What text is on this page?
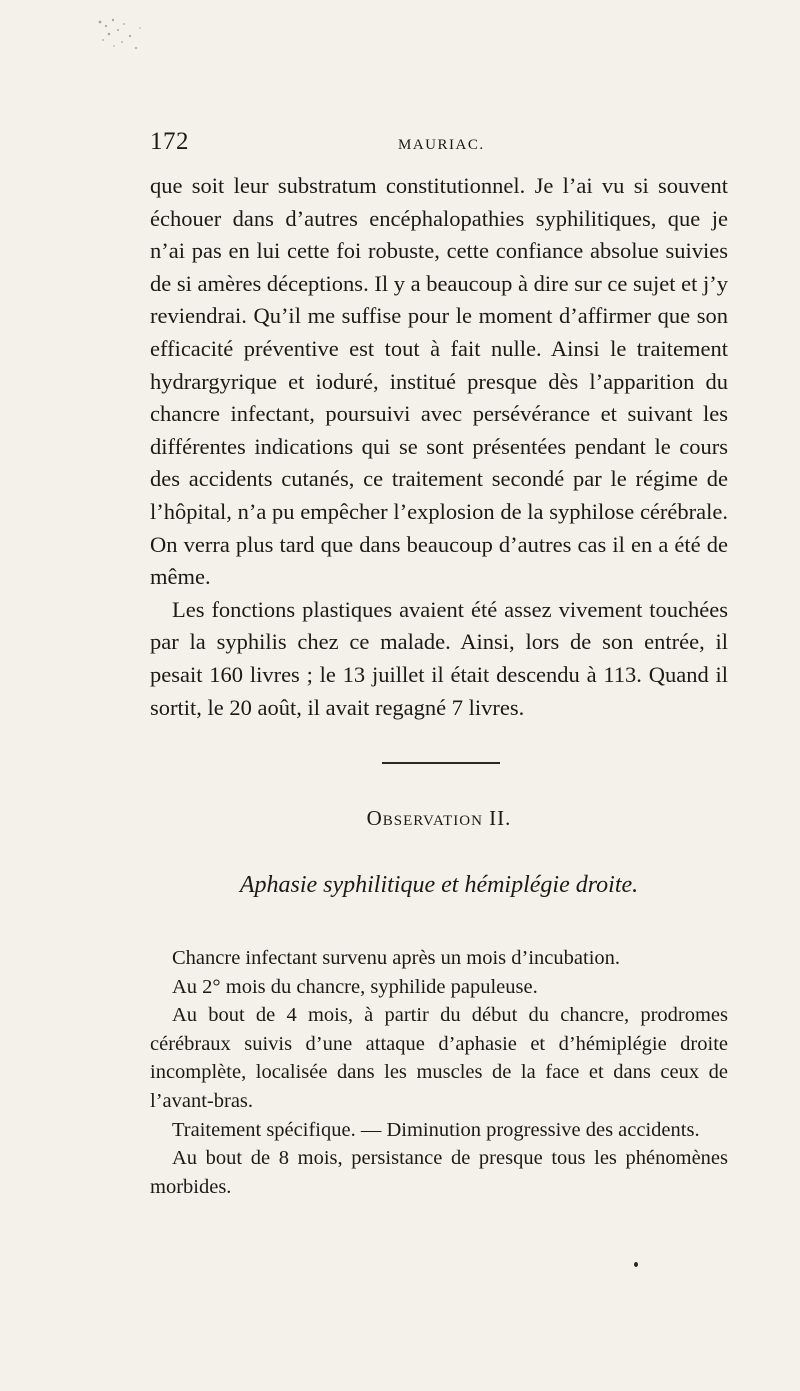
172	MAURIAC.

que soit leur substratum constitutionnel. Je l’ai vu si souvent échouer dans d’autres encéphalopathies syphilitiques, que je n’ai pas en lui cette foi robuste, cette confiance absolue suivies de si amères déceptions. Il y a beaucoup à dire sur ce sujet et j’y reviendrai. Qu’il me suffise pour le moment d’affirmer que son efficacité préventive est tout à fait nulle. Ainsi le traitement hydrargyrique et ioduré, institué presque dès l’apparition du chancre infectant, poursuivi avec persévérance et suivant les différentes indications qui se sont présentées pendant le cours des accidents cutanés, ce traitement secondé par le régime de l’hôpital, n’a pu empêcher l’explosion de la syphilose cérébrale. On verra plus tard que dans beaucoup d’autres cas il en a été de même.

Les fonctions plastiques avaient été assez vivement touchées par la syphilis chez ce malade. Ainsi, lors de son entrée, il pesait 160 livres ; le 13 juillet il était descendu à 113. Quand il sortit, le 20 août, il avait regagné 7 livres.

Observation II.
Aphasie syphilitique et hémiplégie droite.

Chancre infectant survenu après un mois d’incubation.

Au 2° mois du chancre, syphilide papuleuse.

Au bout de 4 mois, à partir du début du chancre, prodromes cérébraux suivis d’une attaque d’aphasie et d’hémiplégie droite incomplète, localisée dans les muscles de la face et dans ceux de l’avant-bras.

Traitement spécifique. — Diminution progressive des accidents.

Au bout de 8 mois, persistance de presque tous les phénomènes morbides.
